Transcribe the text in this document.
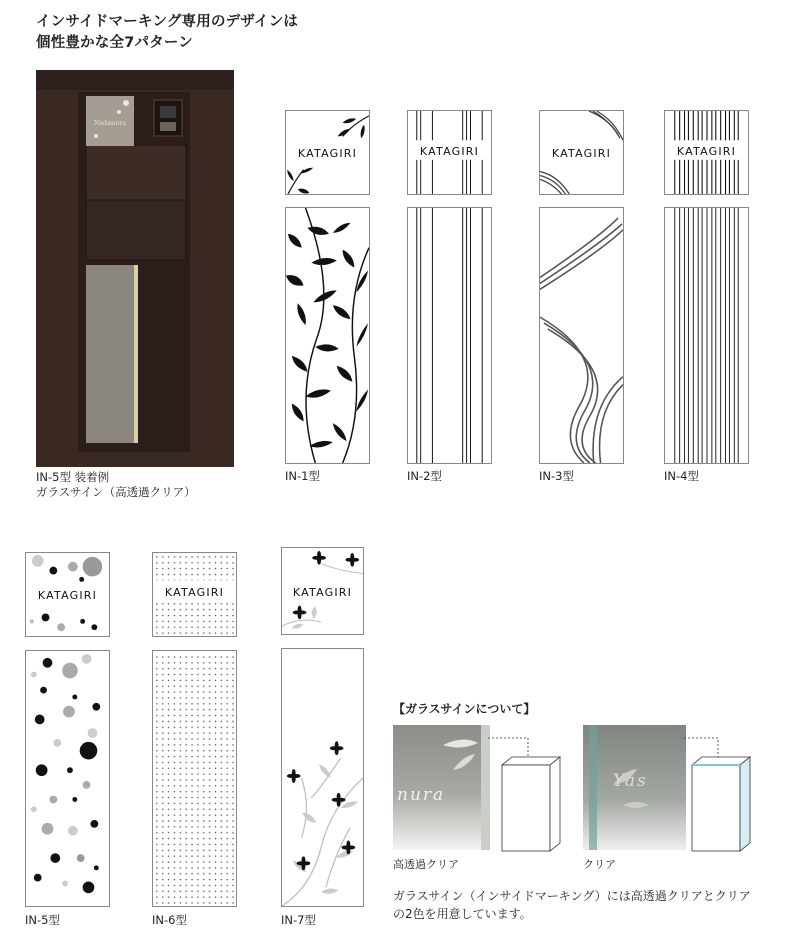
インサイドマーキング専用のデザインは
個性豊かな全7パターン
Nishimura
IN-5型 装着例
ガラスサイン（高透過クリア）
KATAGIRI
IN-1型
KATAGIRI
IN-2型
KATAGIRI
IN-3型
KATAGIRI
IN-4型
KATAGIRI
IN-5型
KATAGIRI
IN-6型
KATAGIRI
IN-7型
【ガラスサインについて】
nura
高透過クリア
Yas
クリア
ガラスサイン（インサイドマーキング）には高透過クリアとクリア
の2色を用意しています。
